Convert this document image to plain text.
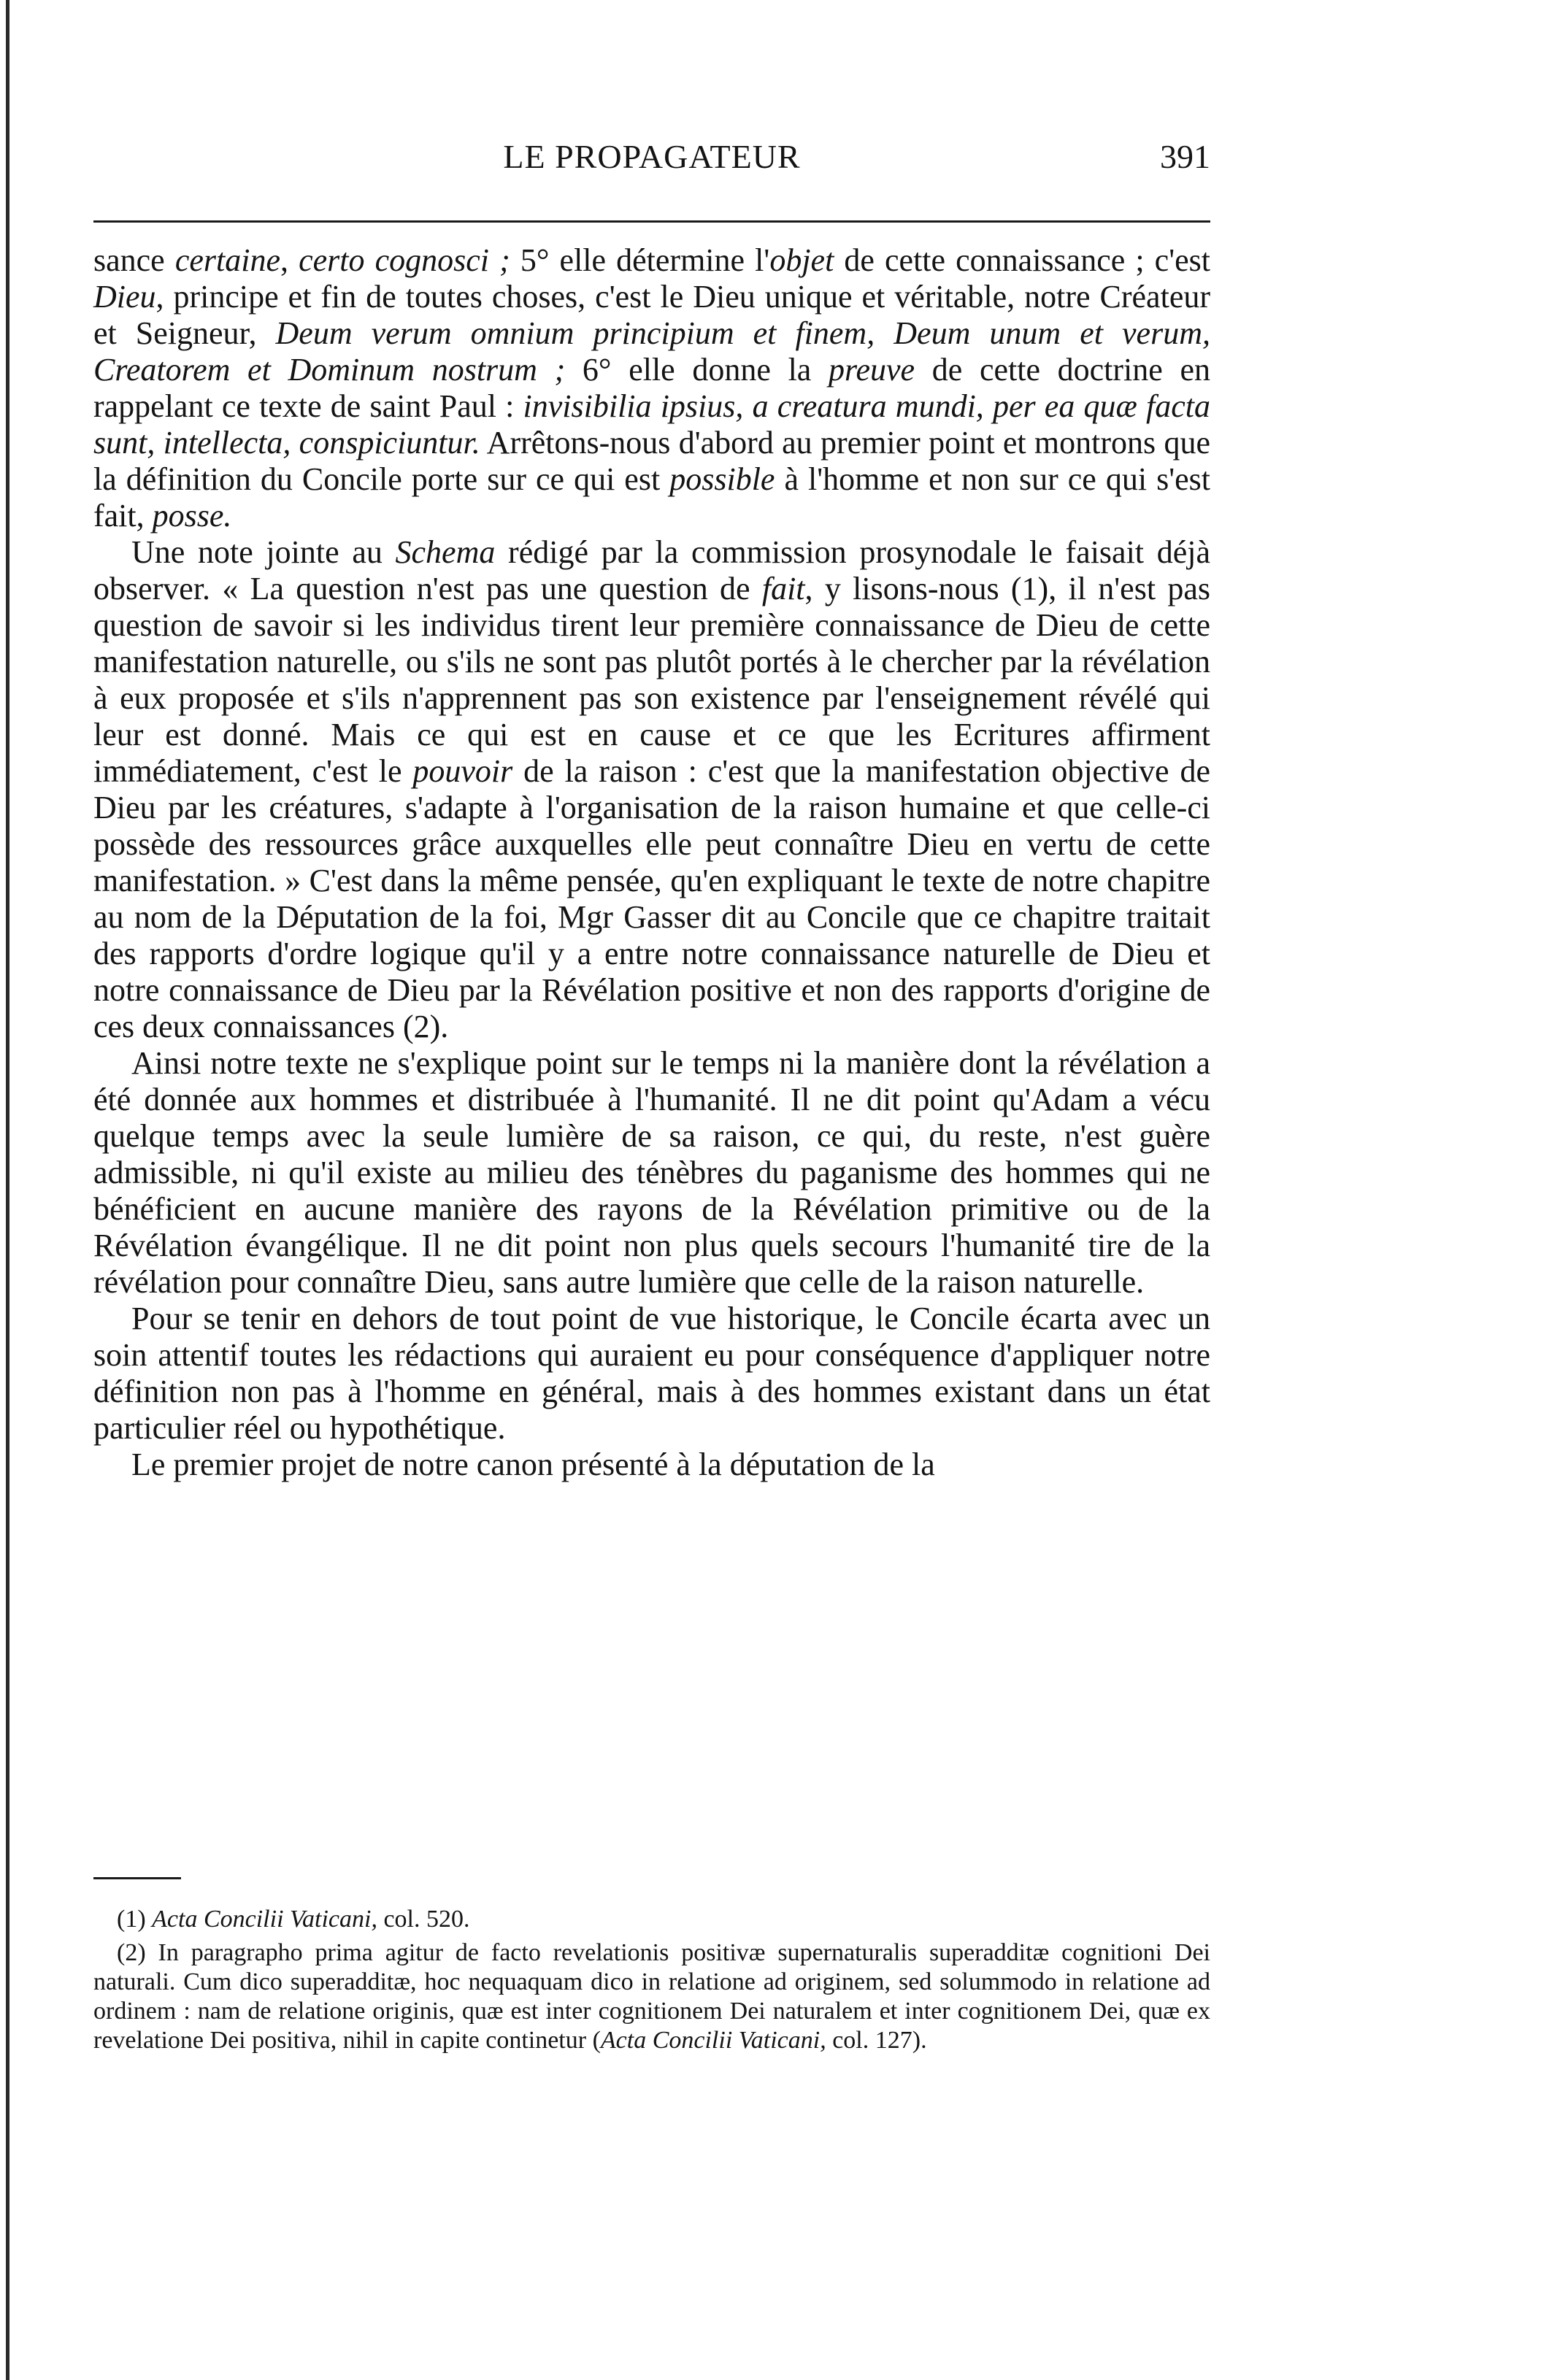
LE PROPAGATEUR	391

sance certaine, certo cognosci ; 5° elle détermine l'objet de cette connaissance ; c'est Dieu, principe et fin de toutes choses, c'est le Dieu unique et véritable, notre Créateur et Seigneur, Deum verum omnium principium et finem, Deum unum et verum, Creatorem et Dominum nostrum ; 6° elle donne la preuve de cette doctrine en rappelant ce texte de saint Paul : invisibilia ipsius, a creatura mundi, per ea quæ facta sunt, intellecta, conspiciuntur. Arrêtons-nous d'abord au premier point et montrons que la définition du Concile porte sur ce qui est possible à l'homme et non sur ce qui s'est fait, posse.

Une note jointe au Schema rédigé par la commission prosynodale le faisait déjà observer. « La question n'est pas une question de fait, y lisons-nous (1), il n'est pas question de savoir si les individus tirent leur première connaissance de Dieu de cette manifestation naturelle, ou s'ils ne sont pas plutôt portés à le chercher par la révélation à eux proposée et s'ils n'apprennent pas son existence par l'enseignement révélé qui leur est donné. Mais ce qui est en cause et ce que les Ecritures affirment immédiatement, c'est le pouvoir de la raison : c'est que la manifestation objective de Dieu par les créatures, s'adapte à l'organisation de la raison humaine et que celle-ci possède des ressources grâce auxquelles elle peut connaître Dieu en vertu de cette manifestation. » C'est dans la même pensée, qu'en expliquant le texte de notre chapitre au nom de la Députation de la foi, Mgr Gasser dit au Concile que ce chapitre traitait des rapports d'ordre logique qu'il y a entre notre connaissance naturelle de Dieu et notre connaissance de Dieu par la Révélation positive et non des rapports d'origine de ces deux connaissances (2).

Ainsi notre texte ne s'explique point sur le temps ni la manière dont la révélation a été donnée aux hommes et distribuée à l'humanité. Il ne dit point qu'Adam a vécu quelque temps avec la seule lumière de sa raison, ce qui, du reste, n'est guère admissible, ni qu'il existe au milieu des ténèbres du paganisme des hommes qui ne bénéficient en aucune manière des rayons de la Révélation primitive ou de la Révélation évangélique. Il ne dit point non plus quels secours l'humanité tire de la révélation pour connaître Dieu, sans autre lumière que celle de la raison naturelle.

Pour se tenir en dehors de tout point de vue historique, le Concile écarta avec un soin attentif toutes les rédactions qui auraient eu pour conséquence d'appliquer notre définition non pas à l'homme en général, mais à des hommes existant dans un état particulier réel ou hypothétique.

Le premier projet de notre canon présenté à la députation de la

(1) Acta Concilii Vaticani, col. 520.

(2) In paragrapho prima agitur de facto revelationis positivæ supernaturalis superadditæ cognitioni Dei naturali. Cum dico superadditæ, hoc nequaquam dico in relatione ad originem, sed solummodo in relatione ad ordinem : nam de relatione originis, quæ est inter cognitionem Dei naturalem et inter cognitionem Dei, quæ ex revelatione Dei positiva, nihil in capite continetur (Acta Concilii Vaticani, col. 127).
